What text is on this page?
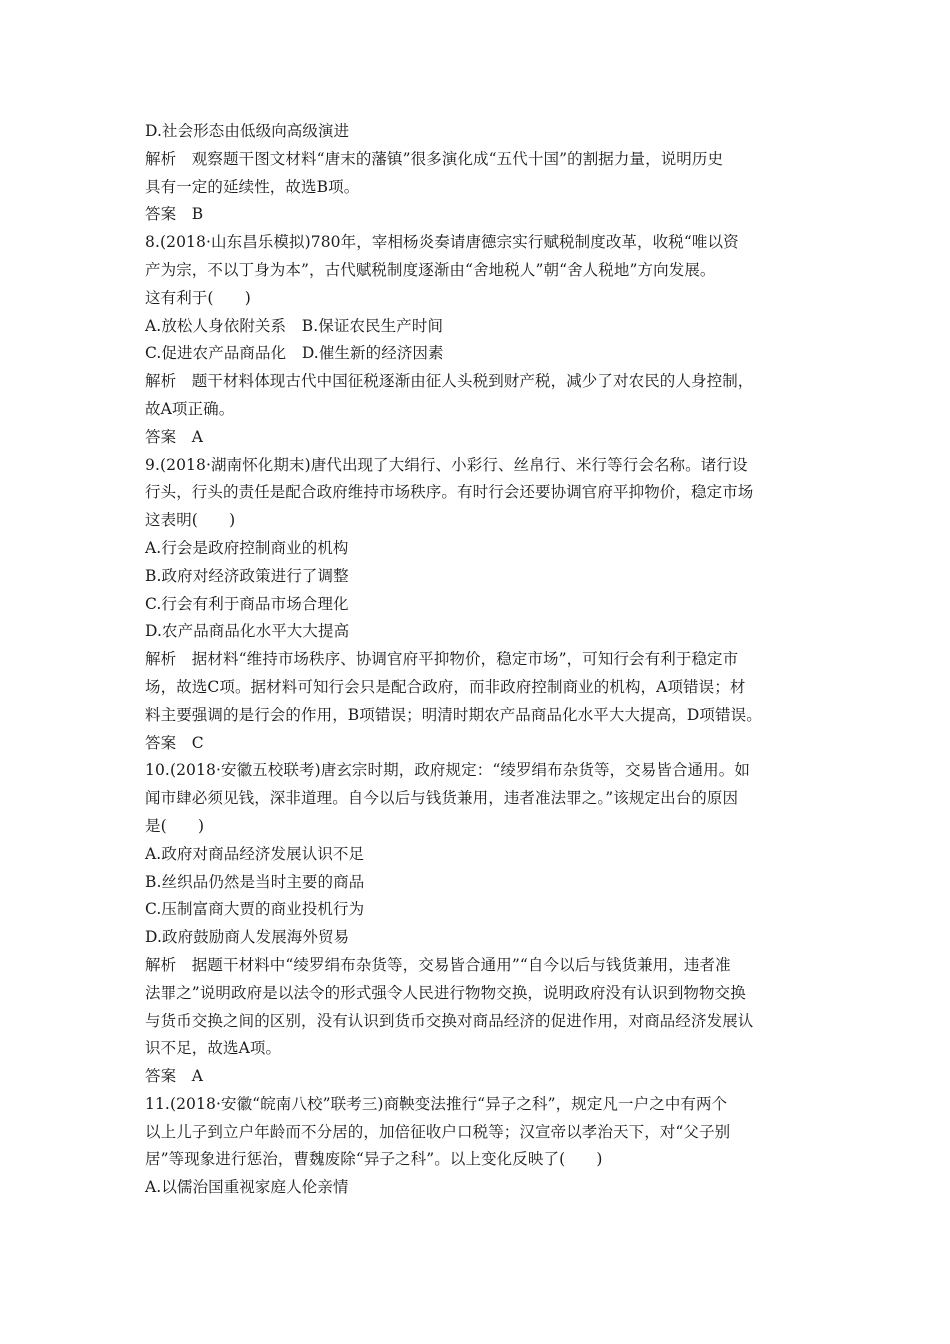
D.社会形态由低级向高级演进
解析　观察题干图文材料“唐末的藩镇”很多演化成“五代十国”的割据力量，说明历史
具有一定的延续性，故选B项。
答案　B
8.(2018·山东昌乐模拟)780年，宰相杨炎奏请唐德宗实行赋税制度改革，收税“唯以资
产为宗，不以丁身为本”，古代赋税制度逐渐由“舍地税人”朝“舍人税地”方向发展。
这有利于(　　)
A.放松人身依附关系　B.保证农民生产时间
C.促进农产品商品化　D.催生新的经济因素
解析　题干材料体现古代中国征税逐渐由征人头税到财产税，减少了对农民的人身控制，
故A项正确。
答案　A
9.(2018·湖南怀化期末)唐代出现了大绢行、小彩行、丝帛行、米行等行会名称。诸行设
行头，行头的责任是配合政府维持市场秩序。有时行会还要协调官府平抑物价，稳定市场
这表明(　　)
A.行会是政府控制商业的机构
B.政府对经济政策进行了调整
C.行会有利于商品市场合理化
D.农产品商品化水平大大提高
解析　据材料“维持市场秩序、协调官府平抑物价，稳定市场”，可知行会有利于稳定市
场，故选C项。据材料可知行会只是配合政府，而非政府控制商业的机构，A项错误；材
料主要强调的是行会的作用，B项错误；明清时期农产品商品化水平大大提高，D项错误。
答案　C
10.(2018·安徽五校联考)唐玄宗时期，政府规定：“绫罗绢布杂货等，交易皆合通用。如
闻市肆必须见钱，深非道理。自今以后与钱货兼用，违者准法罪之。”该规定出台的原因
是(　　)
A.政府对商品经济发展认识不足
B.丝织品仍然是当时主要的商品
C.压制富商大贾的商业投机行为
D.政府鼓励商人发展海外贸易
解析　据题干材料中“绫罗绢布杂货等，交易皆合通用”“自今以后与钱货兼用，违者准
法罪之”说明政府是以法令的形式强令人民进行物物交换，说明政府没有认识到物物交换
与货币交换之间的区别，没有认识到货币交换对商品经济的促进作用，对商品经济发展认
识不足，故选A项。
答案　A
11.(2018·安徽“皖南八校”联考三)商鞅变法推行“异子之科”，规定凡一户之中有两个
以上儿子到立户年龄而不分居的，加倍征收户口税等；汉宣帝以孝治天下，对“父子别
居”等现象进行惩治，曹魏废除“异子之科”。以上变化反映了(　　)
A.以儒治国重视家庭人伦亲情
